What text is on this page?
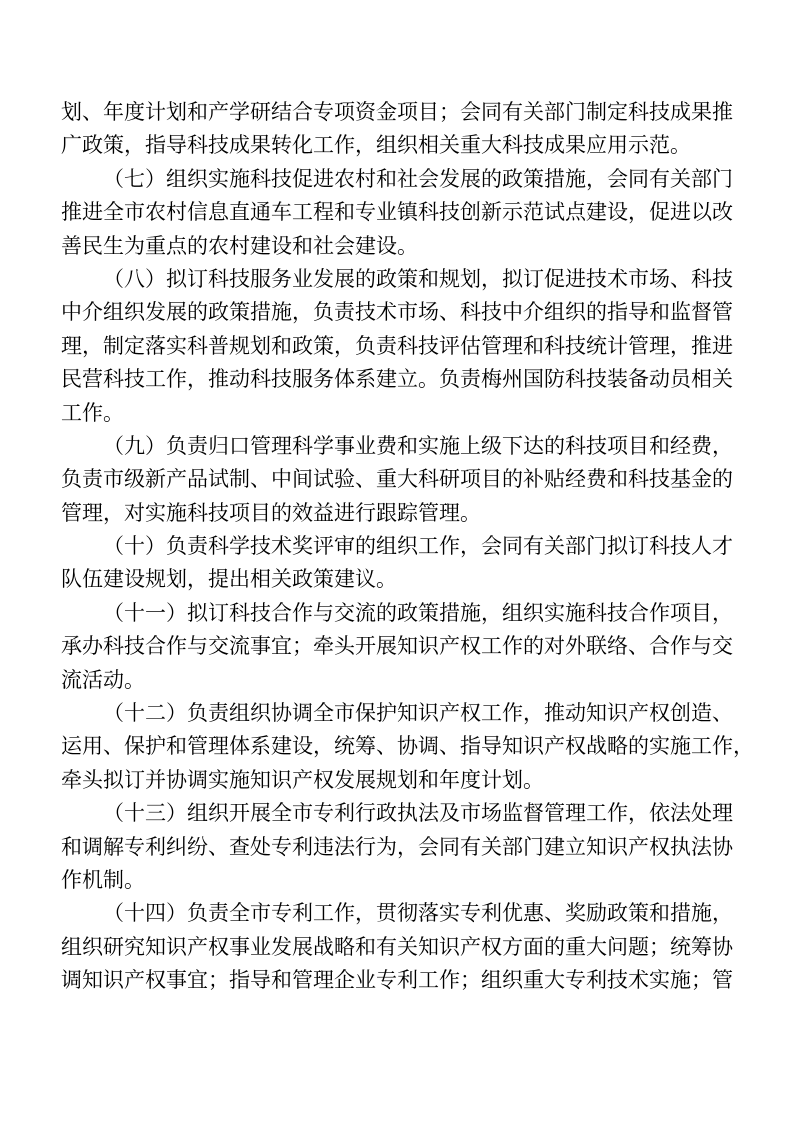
划、年度计划和产学研结合专项资金项目；会同有关部门制定科技成果推
广政策，指导科技成果转化工作，组织相关重大科技成果应用示范。
（七）组织实施科技促进农村和社会发展的政策措施，会同有关部门
推进全市农村信息直通车工程和专业镇科技创新示范试点建设，促进以改
善民生为重点的农村建设和社会建设。
（八）拟订科技服务业发展的政策和规划，拟订促进技术市场、科技
中介组织发展的政策措施，负责技术市场、科技中介组织的指导和监督管
理，制定落实科普规划和政策，负责科技评估管理和科技统计管理，推进
民营科技工作，推动科技服务体系建立。负责梅州国防科技装备动员相关
工作。
（九）负责归口管理科学事业费和实施上级下达的科技项目和经费，
负责市级新产品试制、中间试验、重大科研项目的补贴经费和科技基金的
管理，对实施科技项目的效益进行跟踪管理。
（十）负责科学技术奖评审的组织工作，会同有关部门拟订科技人才
队伍建设规划，提出相关政策建议。
（十一）拟订科技合作与交流的政策措施，组织实施科技合作项目，
承办科技合作与交流事宜；牵头开展知识产权工作的对外联络、合作与交
流活动。
（十二）负责组织协调全市保护知识产权工作，推动知识产权创造、
运用、保护和管理体系建设，统筹、协调、指导知识产权战略的实施工作，
牵头拟订并协调实施知识产权发展规划和年度计划。
（十三）组织开展全市专利行政执法及市场监督管理工作，依法处理
和调解专利纠纷、查处专利违法行为，会同有关部门建立知识产权执法协
作机制。
（十四）负责全市专利工作，贯彻落实专利优惠、奖励政策和措施，
组织研究知识产权事业发展战略和有关知识产权方面的重大问题；统筹协
调知识产权事宜；指导和管理企业专利工作；组织重大专利技术实施；管
